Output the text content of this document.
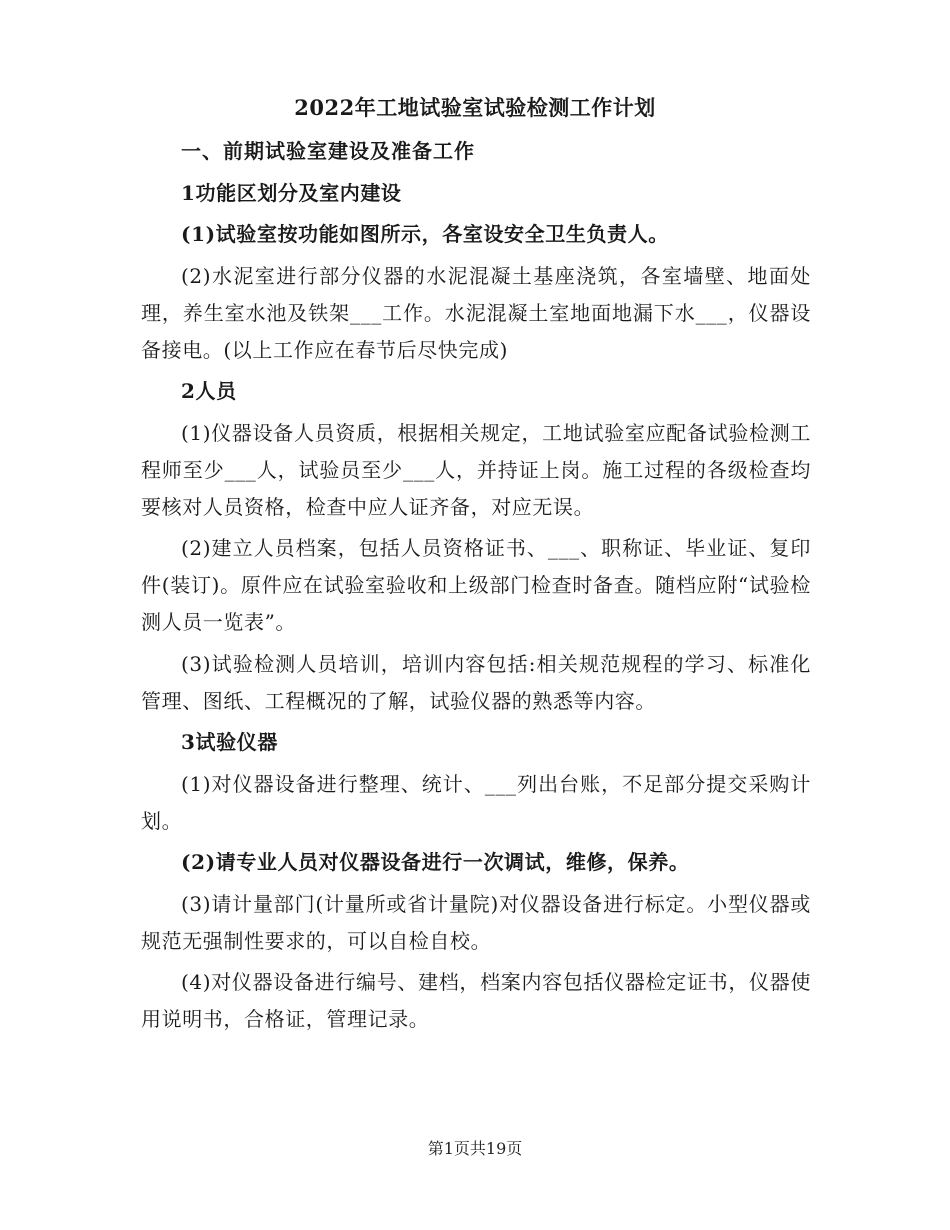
2022年工地试验室试验检测工作计划

一、前期试验室建设及准备工作

1功能区划分及室内建设

(1)试验室按功能如图所示，各室设安全卫生负责人。

(2)水泥室进行部分仪器的水泥混凝土基座浇筑，各室墙壁、地面处理，养生室水池及铁架___工作。水泥混凝土室地面地漏下水___，仪器设备接电。(以上工作应在春节后尽快完成)

2人员

(1)仪器设备人员资质，根据相关规定，工地试验室应配备试验检测工程师至少___人，试验员至少___人，并持证上岗。施工过程的各级检查均要核对人员资格，检查中应人证齐备，对应无误。

(2)建立人员档案，包括人员资格证书、___、职称证、毕业证、复印件(装订)。原件应在试验室验收和上级部门检查时备查。随档应附“试验检测人员一览表”。

(3)试验检测人员培训，培训内容包括:相关规范规程的学习、标准化管理、图纸、工程概况的了解，试验仪器的熟悉等内容。

3试验仪器

(1)对仪器设备进行整理、统计、___列出台账，不足部分提交采购计划。

(2)请专业人员对仪器设备进行一次调试，维修，保养。

(3)请计量部门(计量所或省计量院)对仪器设备进行标定。小型仪器或规范无强制性要求的，可以自检自校。

(4)对仪器设备进行编号、建档，档案内容包括仪器检定证书，仪器使用说明书，合格证，管理记录。

第1页共19页
